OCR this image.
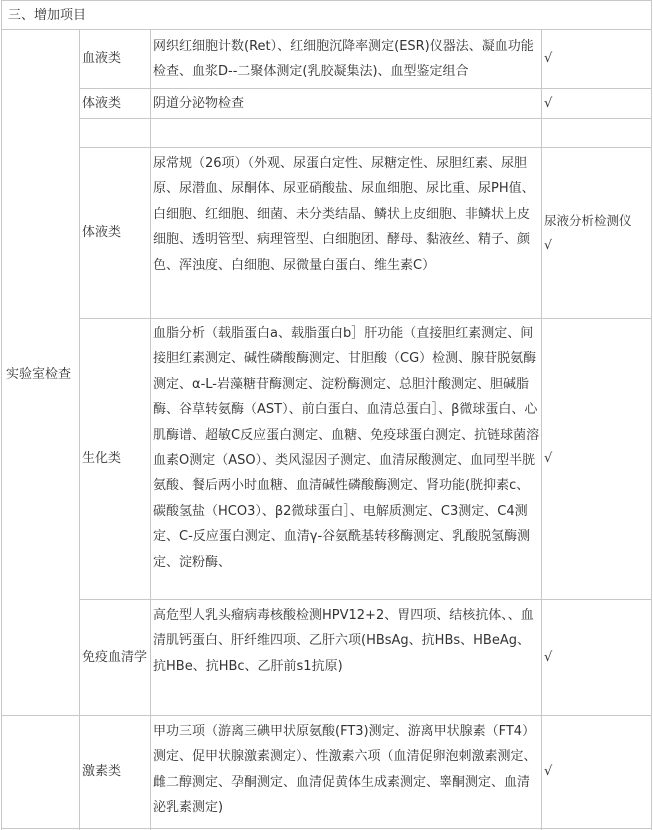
三、增加项目
实验室检查
血液类
网织红细胞计数(Ret）、红细胞沉降率测定(ESR)仪器法、凝血功能检查、血浆D--二聚体测定(乳胶凝集法)、血型鉴定组合
√
体液类	阴道分泌物检查	√
体液类
尿常规（26项）（外观、尿蛋白定性、尿糖定性、尿胆红素、尿胆原、尿潜血、尿酮体、尿亚硝酸盐、尿血细胞、尿比重、尿PH值、白细胞、红细胞、细菌、未分类结晶、鳞状上皮细胞、非鳞状上皮细胞、透明管型、病理管型、白细胞团、酵母、黏液丝、精子、颜色、浑浊度、白细胞、尿微量白蛋白、维生素C）
尿液分析检测仪
√
生化类
血脂分析（载脂蛋白a、载脂蛋白b］肝功能（直接胆红素测定、间接胆红素测定、碱性磷酸酶测定、甘胆酸（CG）检测、腺苷脱氨酶测定、α-L-岩藻糖苷酶测定、淀粉酶测定、总胆汁酸测定、胆碱脂酶、谷草转氨酶（AST）、前白蛋白、血清总蛋白］、β微球蛋白、心肌酶谱、超敏C反应蛋白测定、血糖、免疫球蛋白测定、抗链球菌溶血素O测定（ASO）、类风湿因子测定、血清尿酸测定、血同型半胱氨酸、餐后两小时血糖、血清碱性磷酸酶测定、肾功能(胱抑素c、碳酸氢盐（HCO3）、β2微球蛋白］、电解质测定、C3测定、C4测定、C-反应蛋白测定、血清γ-谷氨酰基转移酶测定、乳酸脱氢酶测定、淀粉酶、
√
免疫血清学
高危型人乳头瘤病毒核酸检测HPV12+2、胃四项、结核抗体、、血清肌钙蛋白、肝纤维四项、乙肝六项(HBsAg、抗HBs、HBeAg、抗HBe、抗HBc、乙肝前s1抗原)
√
激素类
甲功三项（游离三碘甲状原氨酸(FT3)测定、游离甲状腺素（FT4）测定、促甲状腺激素测定）、性激素六项（血清促卵泡刺激素测定、雌二醇测定、孕酮测定、血清促黄体生成素测定、睾酮测定、血清泌乳素测定)
√
